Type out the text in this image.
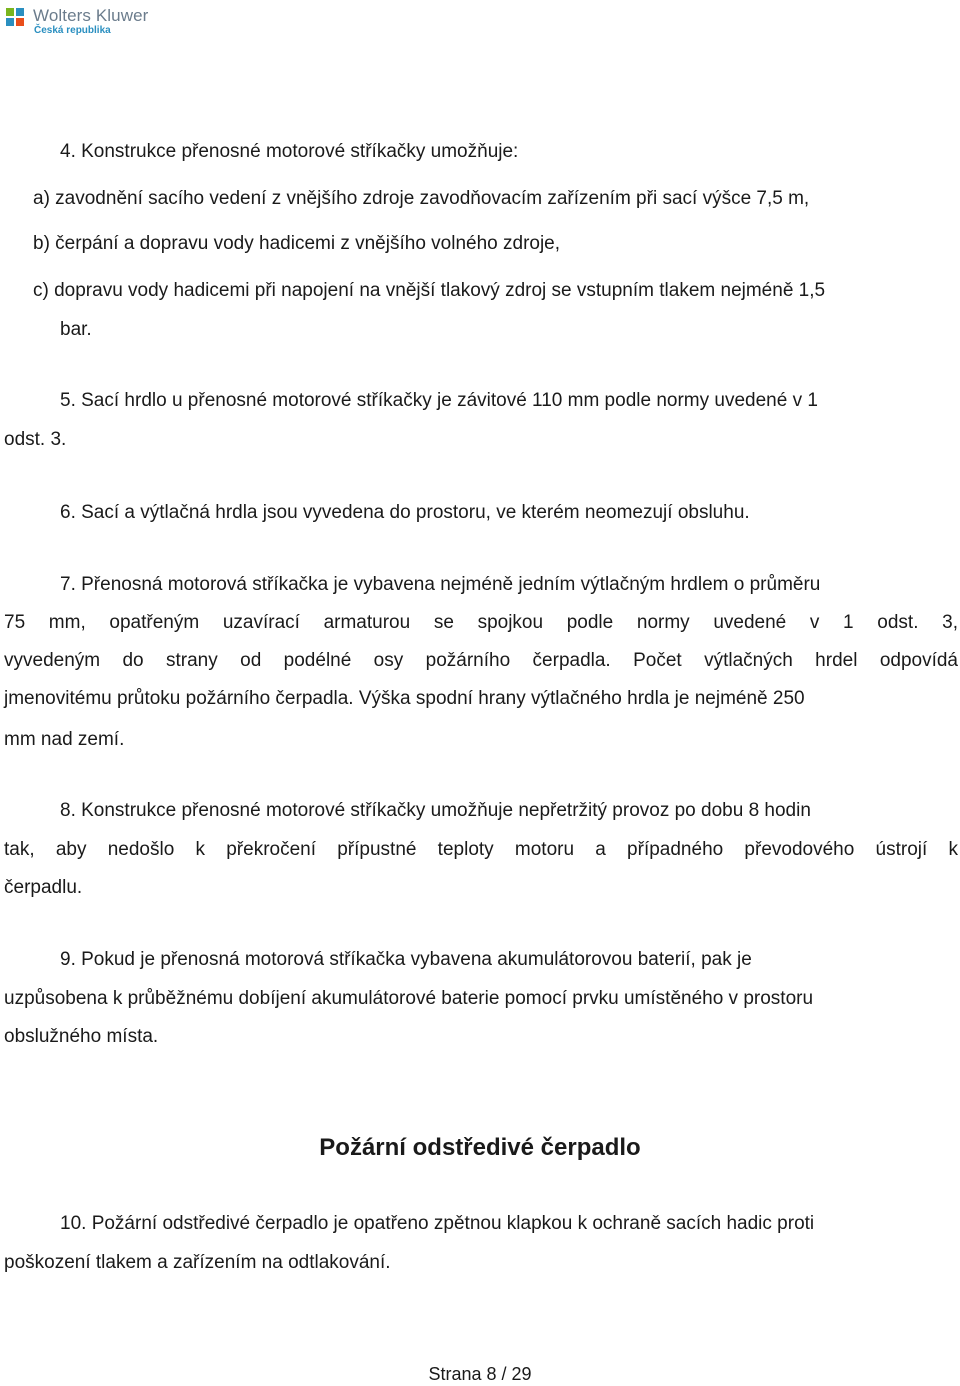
Wolters Kluwer
Česká republika
4. Konstrukce přenosné motorové stříkačky umožňuje:
a) zavodnění sacího vedení z vnějšího zdroje zavodňovacím zařízením při sací výšce 7,5 m,
b) čerpání a dopravu vody hadicemi z vnějšího volného zdroje,
c) dopravu vody hadicemi při napojení na vnější tlakový zdroj se vstupním tlakem nejméně 1,5
bar.
5. Sací hrdlo u přenosné motorové stříkačky je závitové 110 mm podle normy uvedené v 1
odst. 3.
6. Sací a výtlačná hrdla jsou vyvedena do prostoru, ve kterém neomezují obsluhu.
7. Přenosná motorová stříkačka je vybavena nejméně jedním výtlačným hrdlem o průměru
75 mm, opatřeným uzavírací armaturou se spojkou podle normy uvedené v 1 odst. 3,
vyvedeným do strany od podélné osy požárního čerpadla. Počet výtlačných hrdel odpovídá
jmenovitému průtoku požárního čerpadla. Výška spodní hrany výtlačného hrdla je nejméně 250
mm nad zemí.
8. Konstrukce přenosné motorové stříkačky umožňuje nepřetržitý provoz po dobu 8 hodin
tak, aby nedošlo k překročení přípustné teploty motoru a případného převodového ústrojí k
čerpadlu.
9. Pokud je přenosná motorová stříkačka vybavena akumulátorovou baterií, pak je
uzpůsobena k průběžnému dobíjení akumulátorové baterie pomocí prvku umístěného v prostoru
obslužného místa.
Požární odstředivé čerpadlo
10. Požární odstředivé čerpadlo je opatřeno zpětnou klapkou k ochraně sacích hadic proti
poškození tlakem a zařízením na odtlakování.
Strana 8 / 29
